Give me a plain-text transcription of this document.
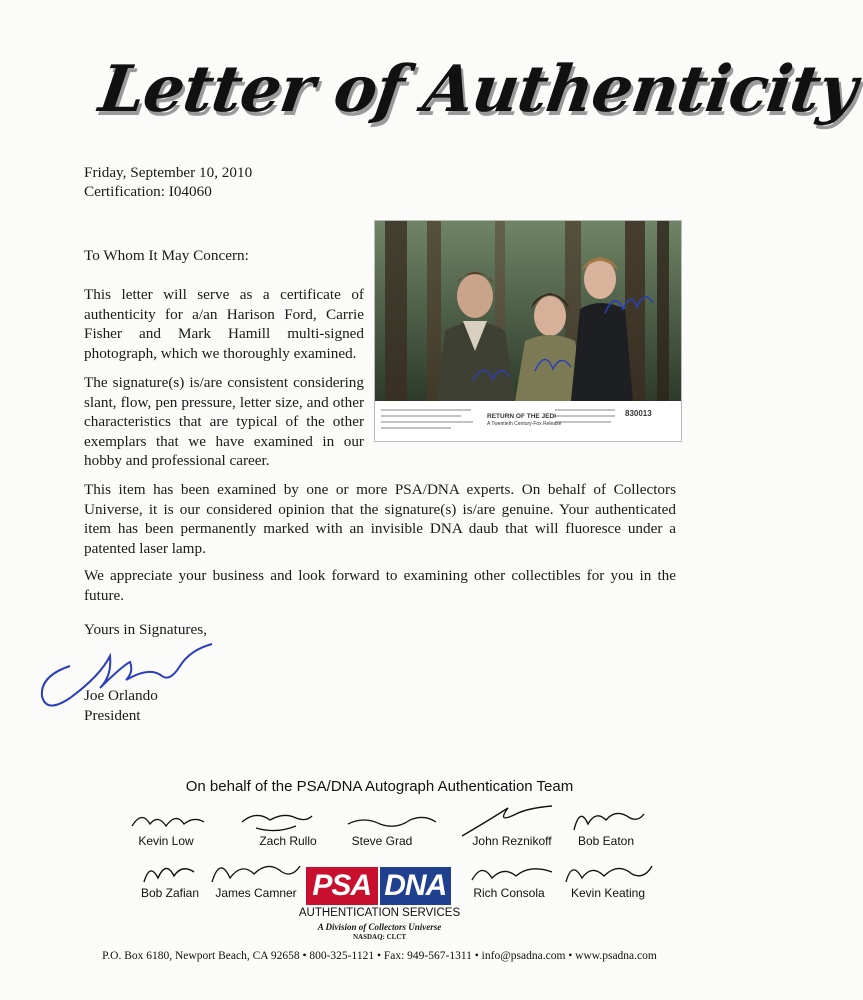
Letter of Authenticity
Friday, September 10, 2010
Certification: I04060
To Whom It May Concern:
This letter will serve as a certificate of authenticity for a/an Harison Ford, Carrie Fisher and Mark Hamill multi-signed photograph, which we thoroughly examined.
The signature(s) is/are consistent considering slant, flow, pen pressure, letter size, and other characteristics that are typical of the other exemplars that we have examined in our hobby and professional career.
RETURN OF THE JEDI
A Twentieth Century-Fox Release
830013
This item has been examined by one or more PSA/DNA experts. On behalf of Collectors Universe, it is our considered opinion that the signature(s) is/are genuine. Your authenticated item has been permanently marked with an invisible DNA daub that will fluoresce under a patented laser lamp.
We appreciate your business and look forward to examining other collectibles for you in the future.
Yours in Signatures,
Joe Orlando
President
On behalf of the PSA/DNA Autograph Authentication Team
Kevin Low	Zach Rullo	Steve Grad	John Reznikoff	Bob Eaton
Bob Zafian	James Camner	Rich Consola	Kevin Keating
PSA DNA
AUTHENTICATION SERVICES
A Division of Collectors Universe
NASDAQ: CLCT
P.O. Box 6180, Newport Beach, CA 92658 • 800-325-1121 • Fax: 949-567-1311 • info@psadna.com • www.psadna.com
